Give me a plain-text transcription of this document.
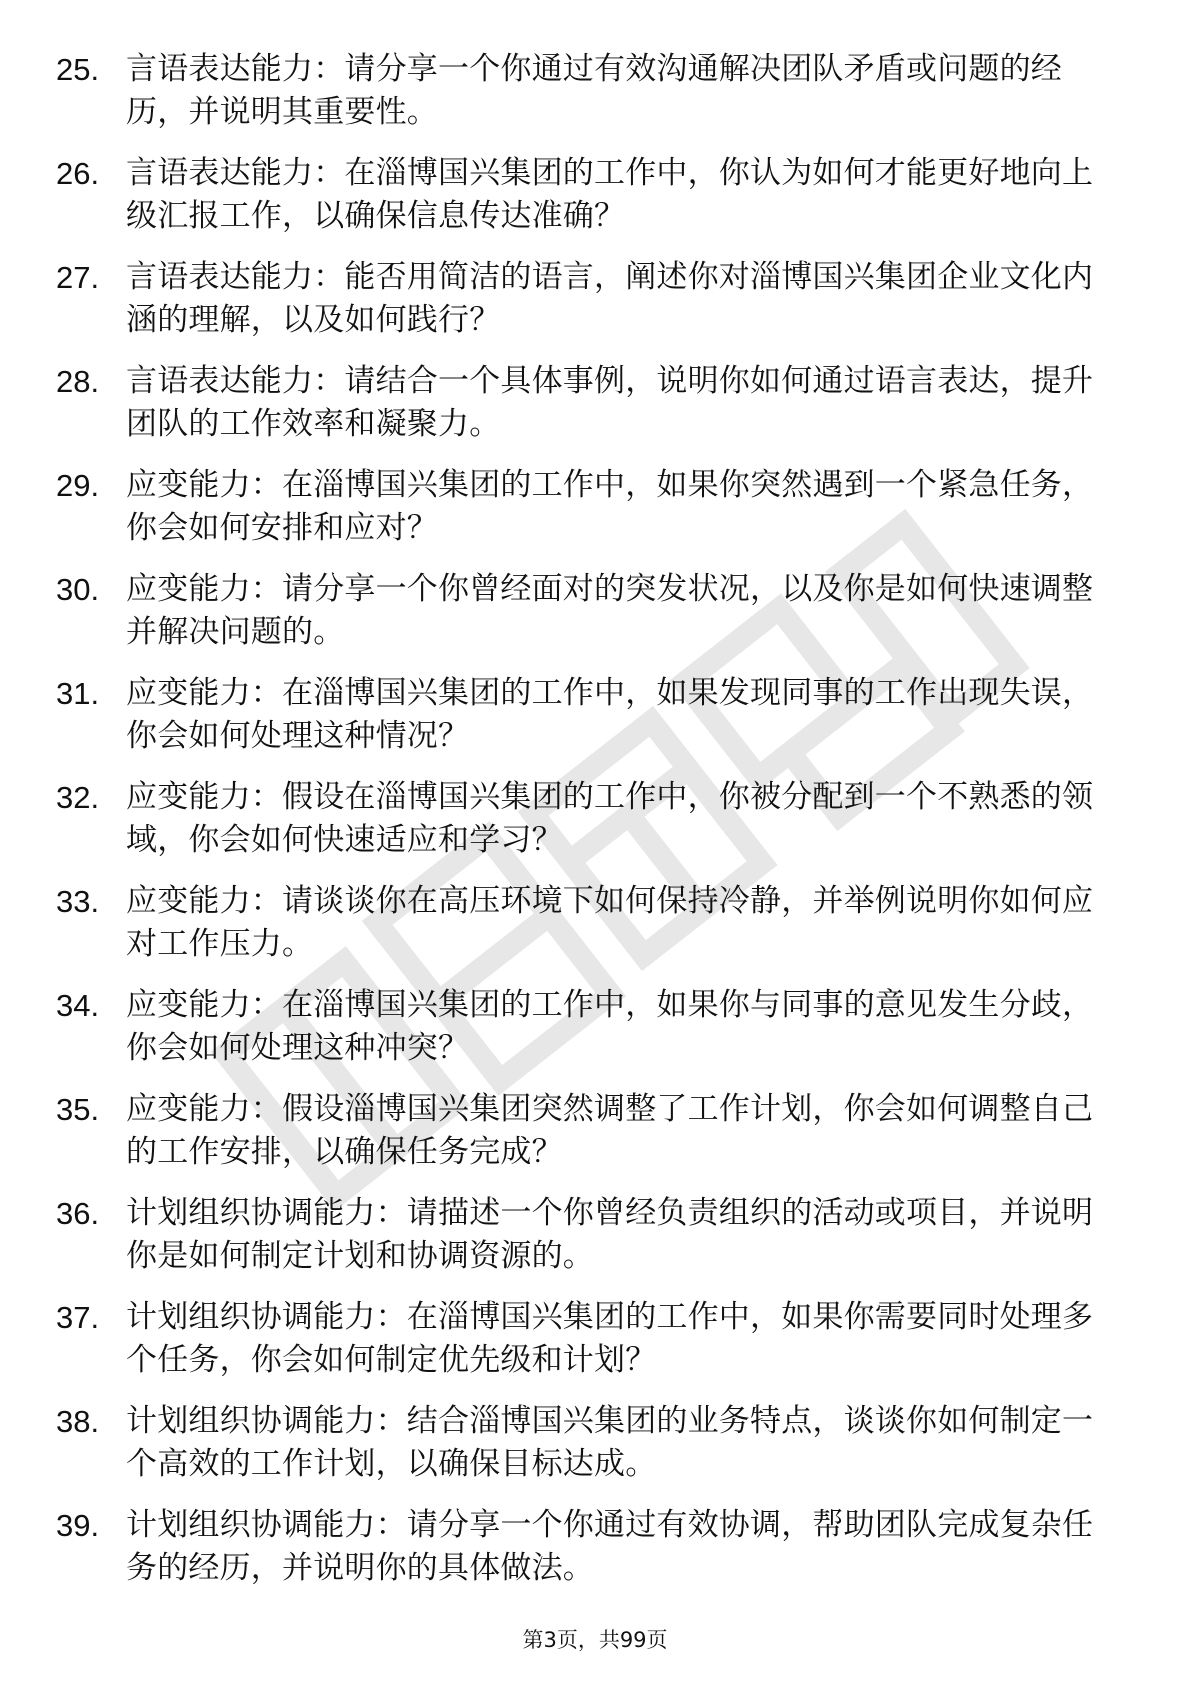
25. 言语表达能力：请分享一个你通过有效沟通解决团队矛盾或问题的经历，并说明其重要性。
26. 言语表达能力：在淄博国兴集团的工作中，你认为如何才能更好地向上级汇报工作，以确保信息传达准确？
27. 言语表达能力：能否用简洁的语言，阐述你对淄博国兴集团企业文化内涵的理解，以及如何践行？
28. 言语表达能力：请结合一个具体事例，说明你如何通过语言表达，提升团队的工作效率和凝聚力。
29. 应变能力：在淄博国兴集团的工作中，如果你突然遇到一个紧急任务，你会如何安排和应对？
30. 应变能力：请分享一个你曾经面对的突发状况，以及你是如何快速调整并解决问题的。
31. 应变能力：在淄博国兴集团的工作中，如果发现同事的工作出现失误，你会如何处理这种情况？
32. 应变能力：假设在淄博国兴集团的工作中，你被分配到一个不熟悉的领域，你会如何快速适应和学习？
33. 应变能力：请谈谈你在高压环境下如何保持冷静，并举例说明你如何应对工作压力。
34. 应变能力：在淄博国兴集团的工作中，如果你与同事的意见发生分歧，你会如何处理这种冲突？
35. 应变能力：假设淄博国兴集团突然调整了工作计划，你会如何调整自己的工作安排，以确保任务完成？
36. 计划组织协调能力：请描述一个你曾经负责组织的活动或项目，并说明你是如何制定计划和协调资源的。
37. 计划组织协调能力：在淄博国兴集团的工作中，如果你需要同时处理多个任务，你会如何制定优先级和计划？
38. 计划组织协调能力：结合淄博国兴集团的业务特点，谈谈你如何制定一个高效的工作计划，以确保目标达成。
39. 计划组织协调能力：请分享一个你通过有效协调，帮助团队完成复杂任务的经历，并说明你的具体做法。
第3页，共99页
